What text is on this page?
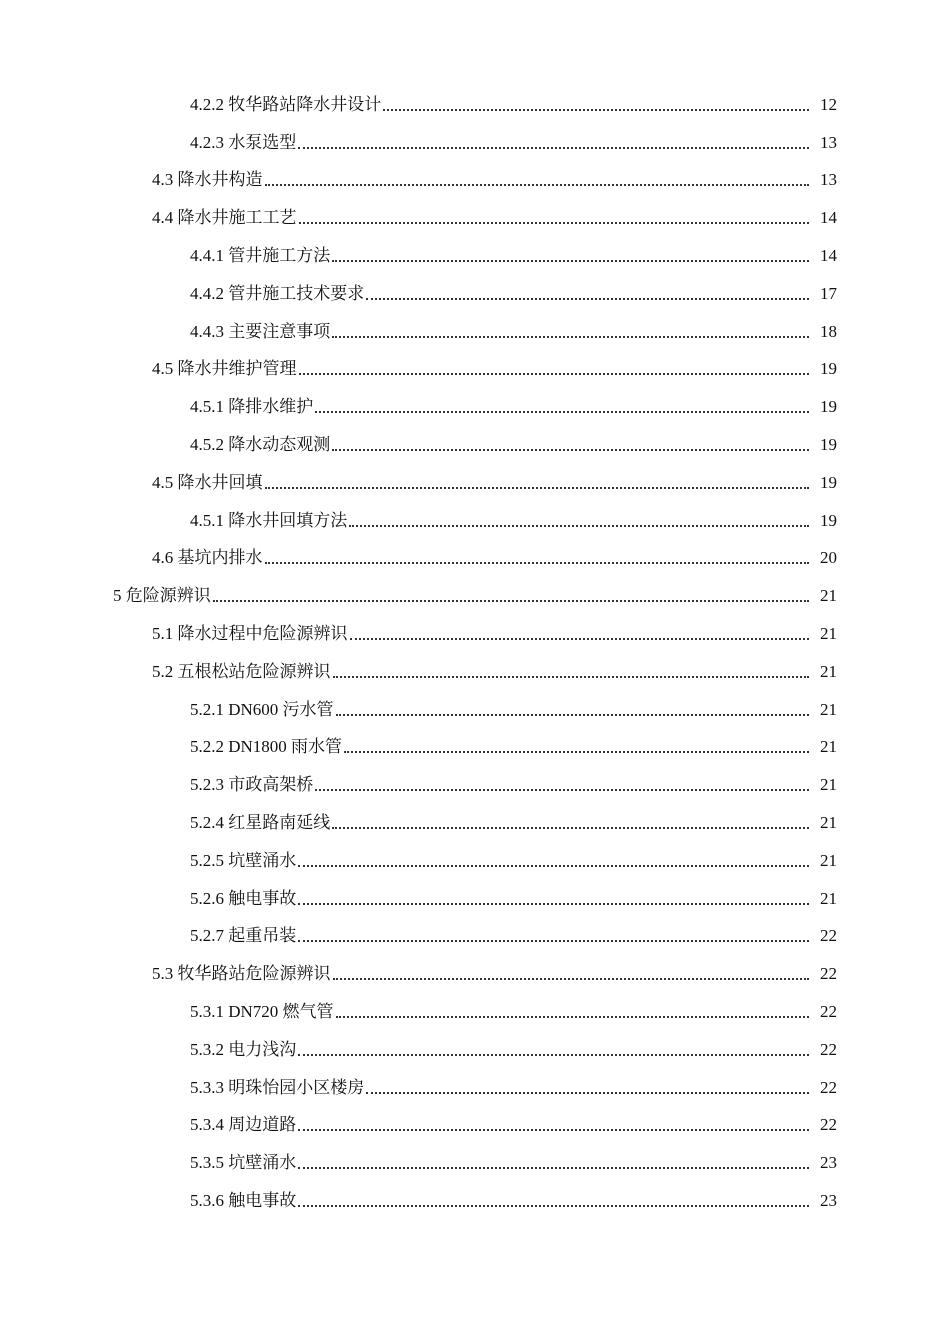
4.2.2 牧华路站降水井设计	12
4.2.3 水泵选型	13
4.3 降水井构造	13
4.4 降水井施工工艺	14
4.4.1 管井施工方法	14
4.4.2 管井施工技术要求	17
4.4.3 主要注意事项	18
4.5 降水井维护管理	19
4.5.1 降排水维护	19
4.5.2 降水动态观测	19
4.5 降水井回填	19
4.5.1 降水井回填方法	19
4.6 基坑内排水	20
5 危险源辨识	21
5.1 降水过程中危险源辨识	21
5.2 五根松站危险源辨识	21
5.2.1 DN600 污水管	21
5.2.2 DN1800 雨水管	21
5.2.3 市政高架桥	21
5.2.4 红星路南延线	21
5.2.5 坑壁涌水	21
5.2.6 触电事故	21
5.2.7 起重吊装	22
5.3 牧华路站危险源辨识	22
5.3.1 DN720 燃气管	22
5.3.2 电力浅沟	22
5.3.3 明珠怡园小区楼房	22
5.3.4 周边道路	22
5.3.5 坑壁涌水	23
5.3.6 触电事故	23
